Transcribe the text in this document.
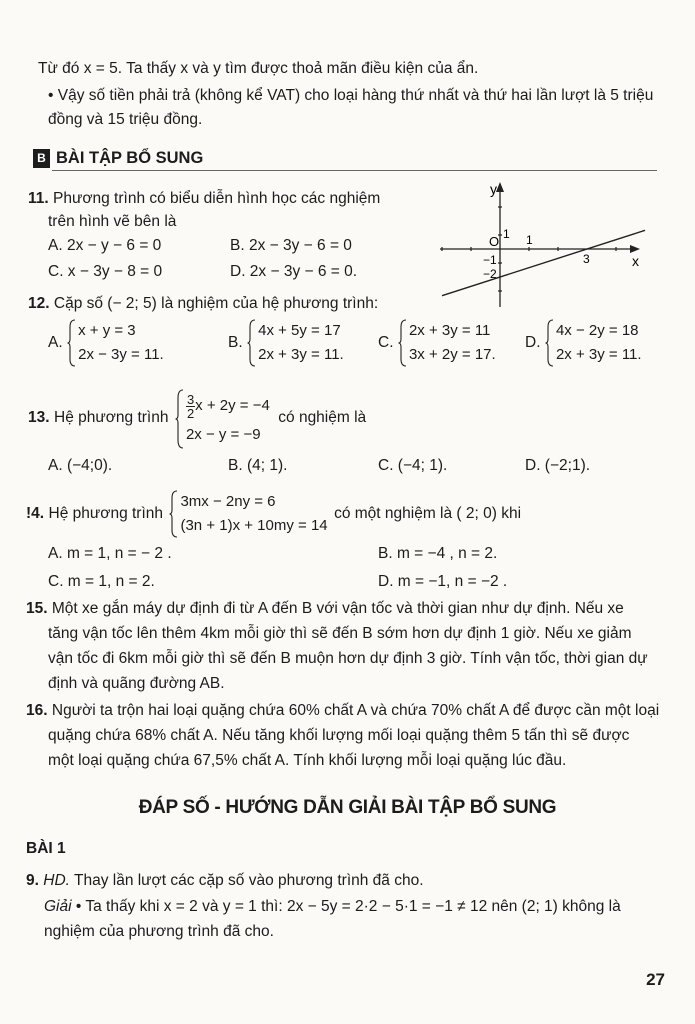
Từ đó x = 5. Ta thấy x và y tìm được thoả mãn điều kiện của ẩn.
• Vậy số tiền phải trả (không kể VAT) cho loại hàng thứ nhất và thứ hai lần lượt là 5 triệu
đồng và 15 triệu đồng.
B BÀI TẬP BỔ SUNG
11. Phương trình có biểu diễn hình học các nghiệm
trên hình vẽ bên là
A. 2x − y − 6 = 0	B. 2x − 3y − 6 = 0
C. x − 3y − 8 = 0	D. 2x − 3y − 6 = 0.
y
x
O 1 1
3
−1
−2
12. Cặp số (− 2; 5) là nghiệm của hệ phương trình:
A.
x + y = 3
2x − 3y = 11.
B.
4x + 5y = 17
2x + 3y = 11.
C.
2x + 3y = 11
3x + 2y = 17.
D.
4x − 2y = 18
2x + 3y = 11.
13. Hệ phương trình $\frac{3}{2}$ x + 2y = −4
2x − y = −9
có nghiệm là
A. (−4;0).	B. (4; 1).	C. (−4; 1).	D. (−2;1).
!4. Hệ phương trình
3mx − 2ny = 6
(3n + 1)x + 10my = 14
có một nghiệm là ( 2; 0) khi
A. m = 1, n = − 2 .	B. m = −4 , n = 2.
C. m = 1, n = 2.	D. m = −1, n = −2 .
15. Một xe gắn máy dự định đi từ A đến B với vận tốc và thời gian như dự định. Nếu xe
tăng vận tốc lên thêm 4km mỗi giờ thì sẽ đến B sớm hơn dự định 1 giờ. Nếu xe giảm
vận tốc đi 6km mỗi giờ thì sẽ đến B muộn hơn dự định 3 giờ. Tính vận tốc, thời gian dự
định và quãng đường AB.
16. Người ta trộn hai loại quặng chứa 60% chất A và chứa 70% chất A để được cần một loại
quặng chứa 68% chất A. Nếu tăng khối lượng mối loại quặng thêm 5 tấn thì sẽ được
một loại quặng chứa 67,5% chất A. Tính khối lượng mỗi loại quặng lúc đầu.
ĐÁP SỐ - HƯỚNG DẪN GIẢI BÀI TẬP BỔ SUNG
BÀI 1
9. HD. Thay lần lượt các cặp số vào phương trình đã cho.
Giải • Ta thấy khi x = 2 và y = 1 thì: 2x − 5y = 2·2 − 5·1 = −1 ≠ 12 nên (2; 1) không là
nghiệm của phương trình đã cho.
27
